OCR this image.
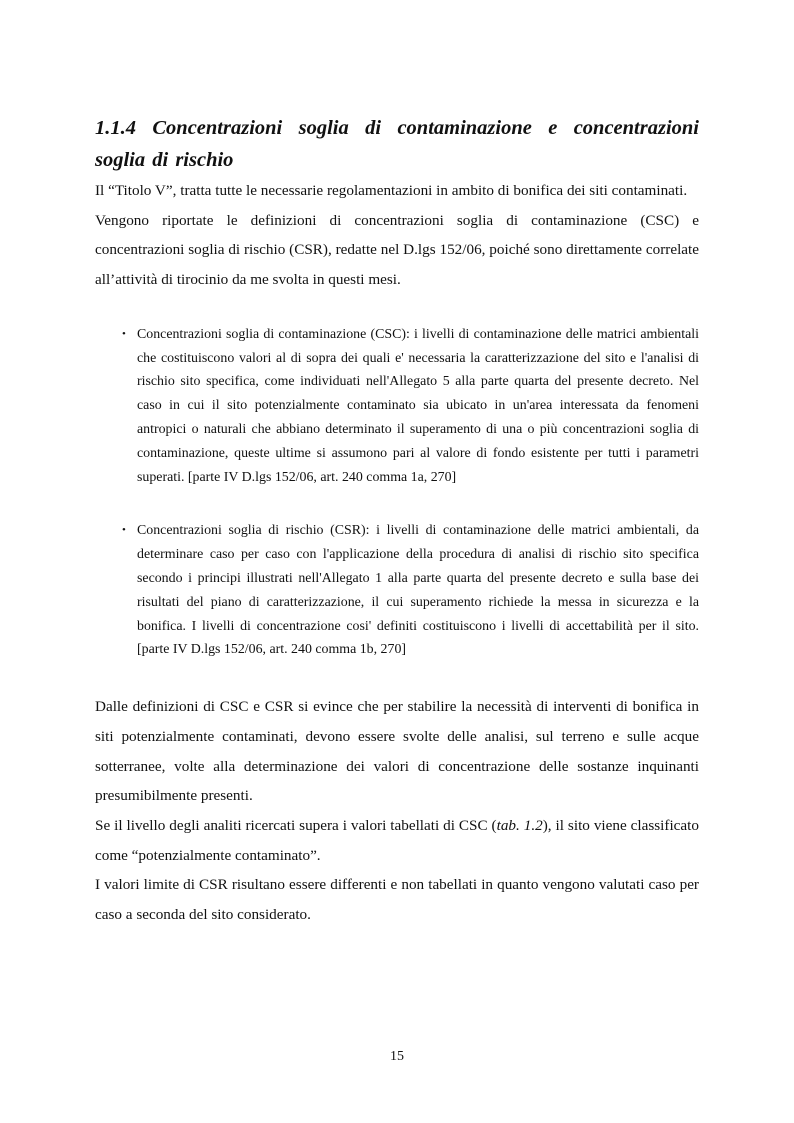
1.1.4 Concentrazioni soglia di contaminazione e concentrazioni soglia di rischio

Il “Titolo V”, tratta tutte le necessarie regolamentazioni in ambito di bonifica dei siti contaminati.

Vengono riportate le definizioni di concentrazioni soglia di contaminazione (CSC) e concentrazioni soglia di rischio (CSR), redatte nel D.lgs 152/06, poiché sono direttamente correlate all’attività di tirocinio da me svolta in questi mesi.

• Concentrazioni soglia di contaminazione (CSC): i livelli di contaminazione delle matrici ambientali che costituiscono valori al di sopra dei quali e' necessaria la caratterizzazione del sito e l'analisi di rischio sito specifica, come individuati nell'Allegato 5 alla parte quarta del presente decreto. Nel caso in cui il sito potenzialmente contaminato sia ubicato in un'area interessata da fenomeni antropici o naturali che abbiano determinato il superamento di una o più concentrazioni soglia di contaminazione, queste ultime si assumono pari al valore di fondo esistente per tutti i parametri superati. [parte IV D.lgs 152/06, art. 240 comma 1a, 270]
• Concentrazioni soglia di rischio (CSR): i livelli di contaminazione delle matrici ambientali, da determinare caso per caso con l'applicazione della procedura di analisi di rischio sito specifica secondo i principi illustrati nell'Allegato 1 alla parte quarta del presente decreto e sulla base dei risultati del piano di caratterizzazione, il cui superamento richiede la messa in sicurezza e la bonifica. I livelli di concentrazione cosi' definiti costituiscono i livelli di accettabilità per il sito. [parte IV D.lgs 152/06, art. 240 comma 1b, 270]

Dalle definizioni di CSC e CSR si evince che per stabilire la necessità di interventi di bonifica in siti potenzialmente contaminati, devono essere svolte delle analisi, sul terreno e sulle acque sotterranee, volte alla determinazione dei valori di concentrazione delle sostanze inquinanti presumibilmente presenti.

Se il livello degli analiti ricercati supera i valori tabellati di CSC (tab. 1.2), il sito viene classificato come “potenzialmente contaminato”.

I valori limite di CSR risultano essere differenti e non tabellati in quanto vengono valutati caso per caso a seconda del sito considerato.

15
